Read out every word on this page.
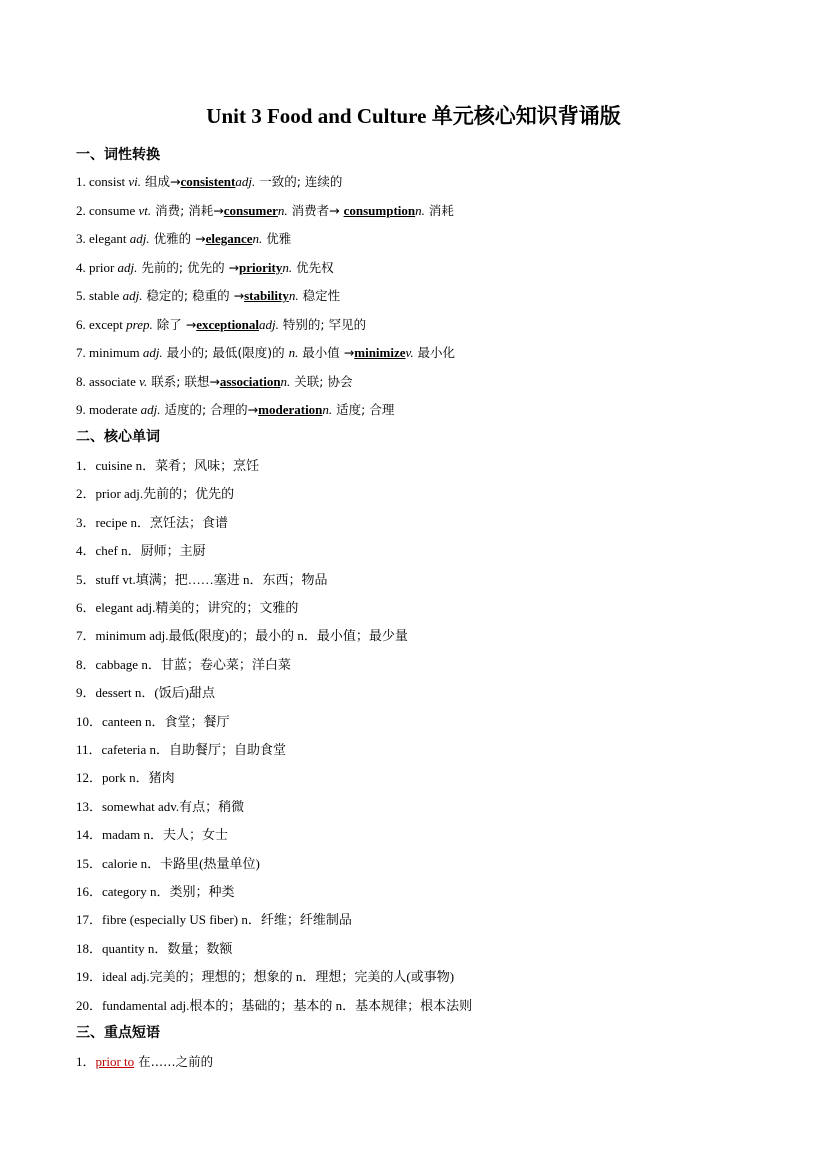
Unit 3 Food and Culture 单元核心知识背诵版
一、词性转换
1. consist vi. 组成→consistentadj. 一致的; 连续的
2. consume vt. 消费; 消耗→consumern. 消费者→ consumptionn. 消耗
3. elegant adj. 优雅的 →elegancen. 优雅
4. prior adj. 先前的; 优先的 →priorityn. 优先权
5. stable adj. 稳定的; 稳重的 →stabilityn. 稳定性
6. except prep. 除了 →exceptionaladj. 特别的; 罕见的
7. minimum adj. 最小的; 最低(限度)的 n. 最小值 →minimizev. 最小化
8. associate v. 联系; 联想→associationn. 关联; 协会
9. moderate adj. 适度的; 合理的→moderationn. 适度; 合理
二、核心单词
1．cuisine n．菜肴；风味；烹饪
2．prior adj.先前的；优先的
3．recipe n．烹饪法；食谱
4．chef n．厨师；主厨
5．stuff vt.填满；把……塞进 n．东西；物品
6．elegant adj.精美的；讲究的；文雅的
7．minimum adj.最低(限度)的；最小的 n．最小值；最少量
8．cabbage n．甘蓝；卷心菜；洋白菜
9．dessert n．(饭后)甜点
10．canteen n．食堂；餐厅
11．cafeteria n．自助餐厅；自助食堂
12．pork n．猪肉
13．somewhat adv.有点；稍微
14．madam n．夫人；女士
15．calorie n．卡路里(热量单位)
16．category n．类别；种类
17．fibre (especially US fiber) n．纤维；纤维制品
18．quantity n．数量；数额
19．ideal adj.完美的；理想的；想象的 n．理想；完美的人(或事物)
20．fundamental adj.根本的；基础的；基本的 n．基本规律；根本法则
三、重点短语
1．prior to 在……之前的
